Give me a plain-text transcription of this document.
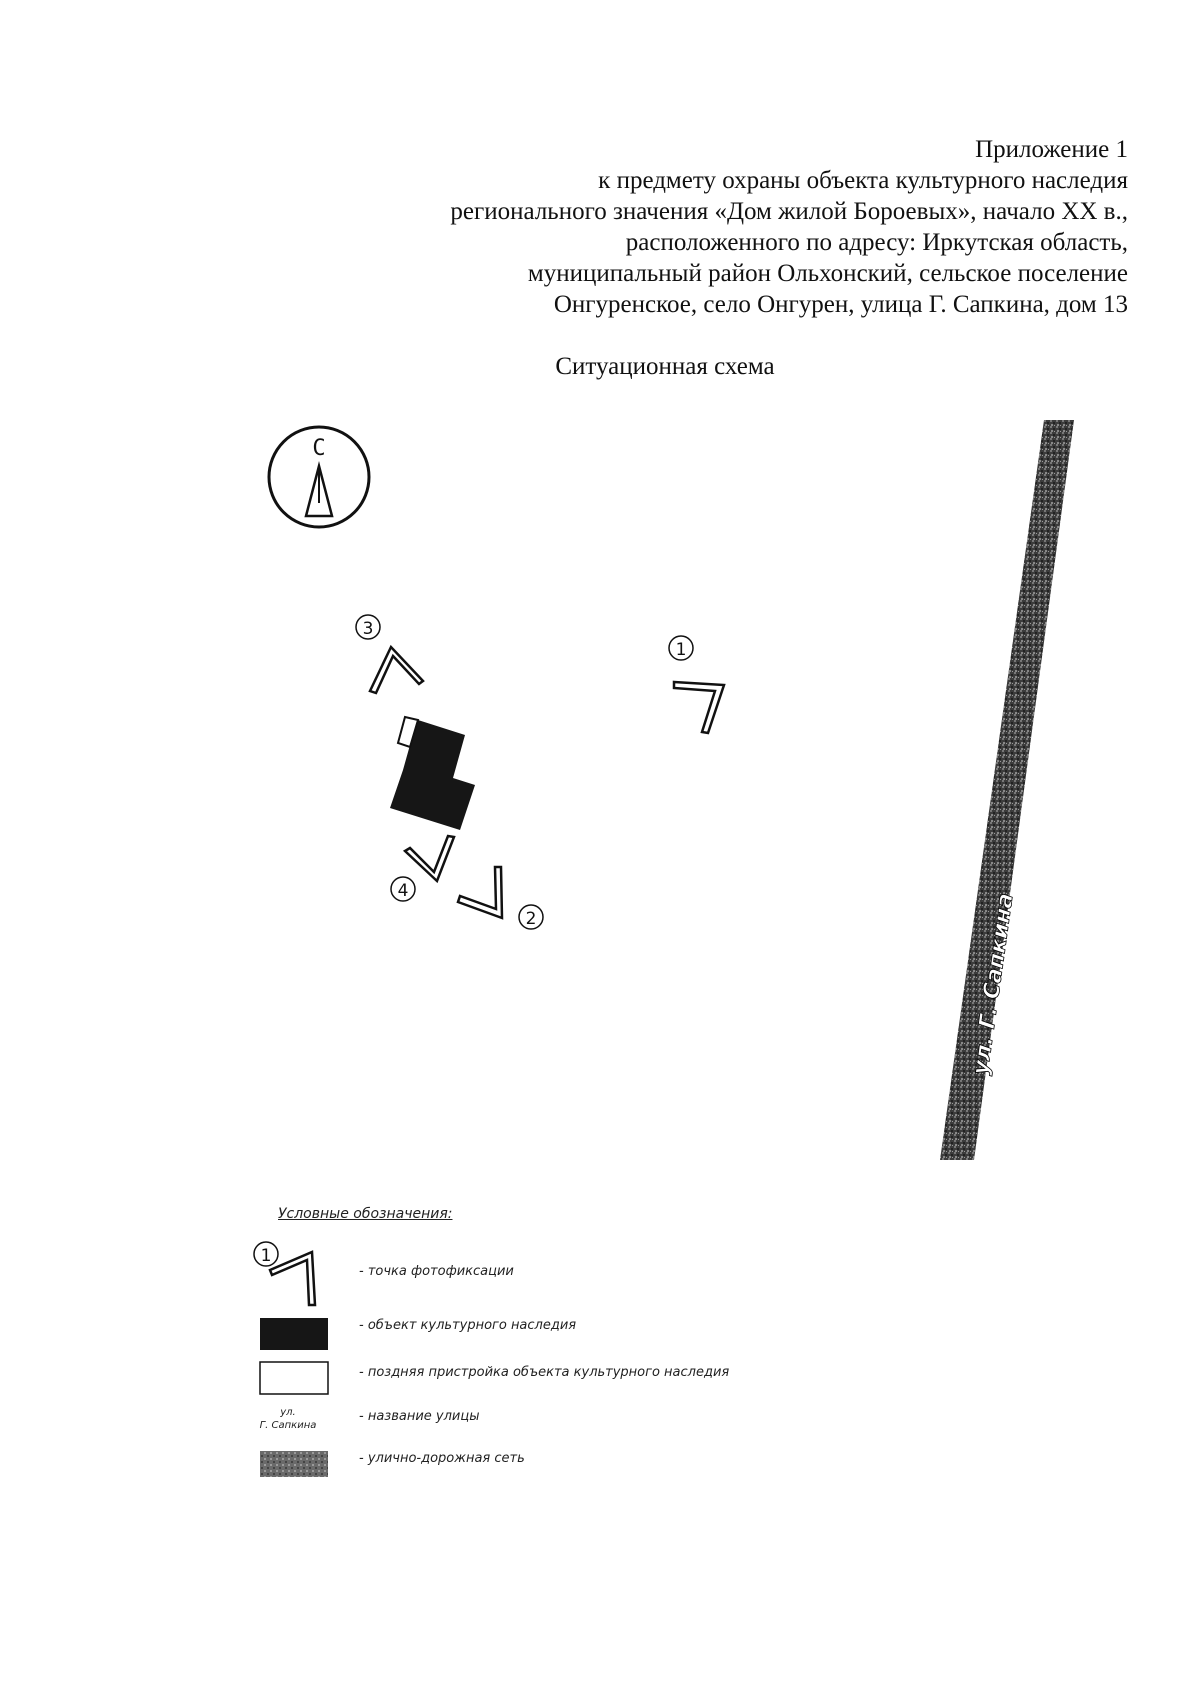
Приложение 1
к предмету охраны объекта культурного наследия
регионального значения «Дом жилой Бороевых», начало XX в.,
расположенного по адресу: Иркутская область,
муниципальный район Ольхонский, сельское поселение
Онгуренское, село Онгурен, улица Г. Сапкина, дом 13
Ситуационная схема
С
ул. Г. Сапкина
1
3
4
2
1
Условные обозначения:
- точка фотофиксации
- объект культурного наследия
- поздняя пристройка объекта культурного наследия
ул.
Г. Сапкина
- название улицы
- улично-дорожная сеть
